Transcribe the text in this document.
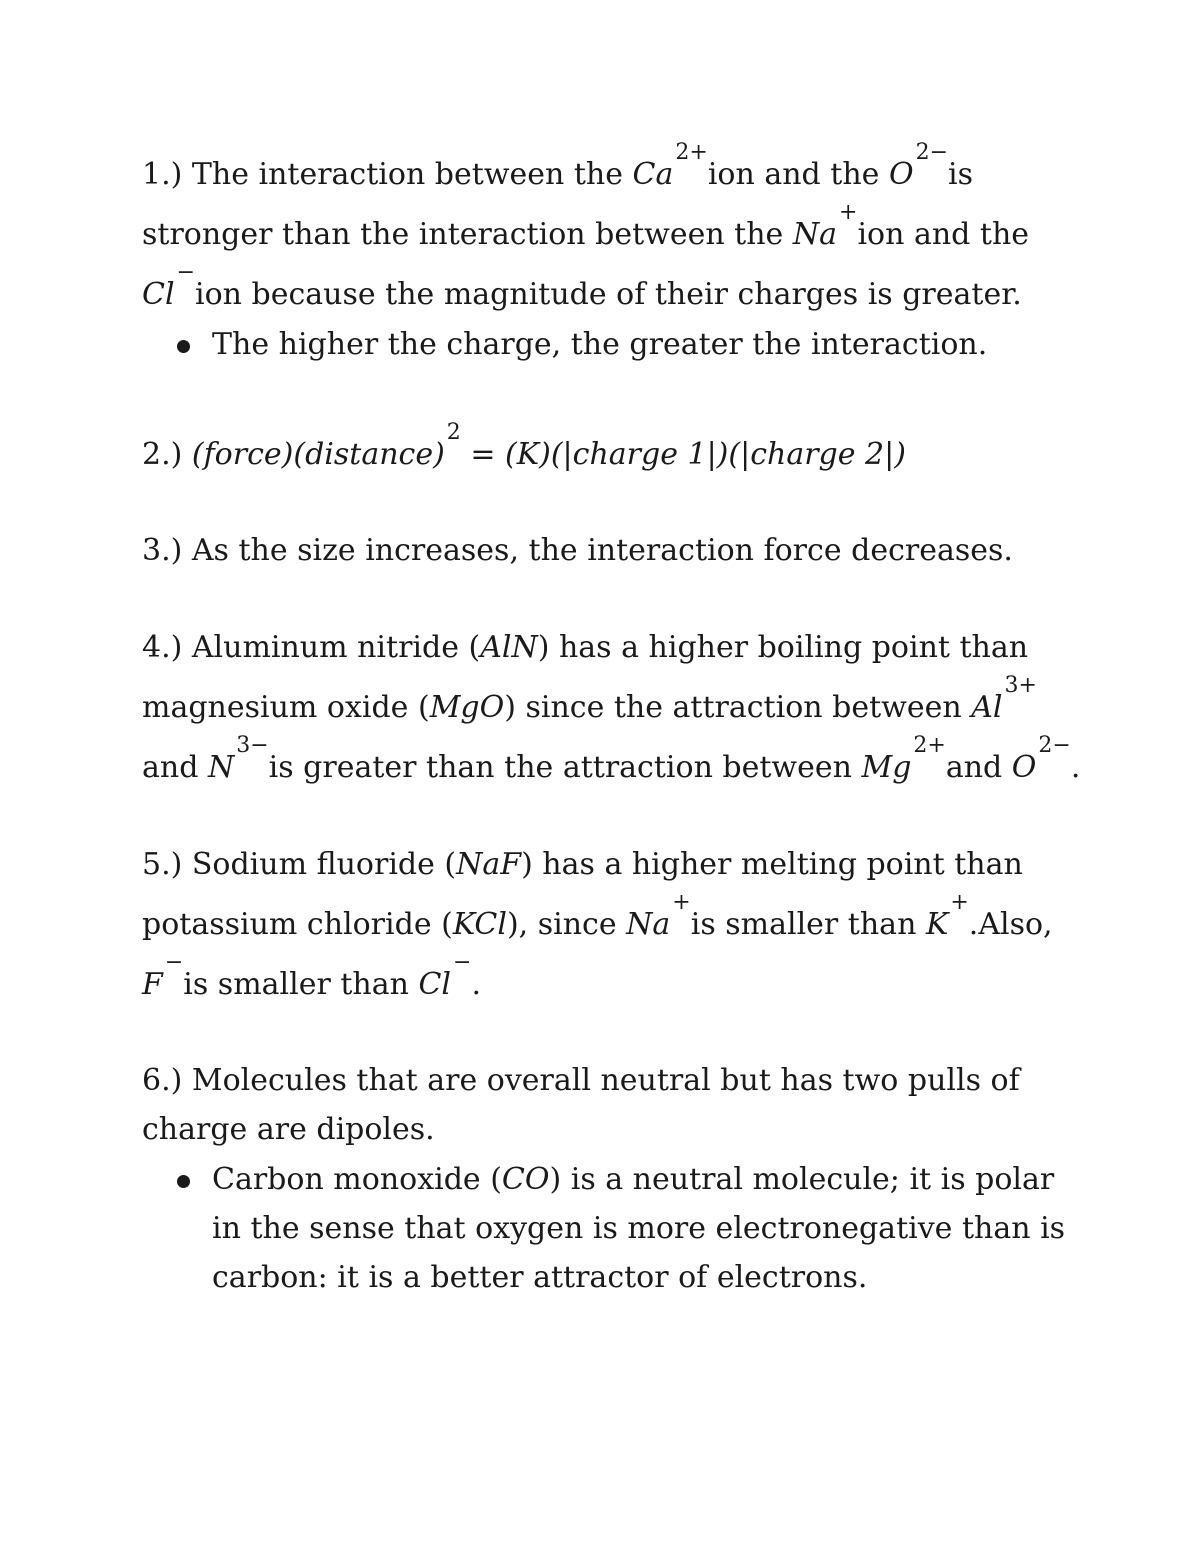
1.) The interaction between the $Ca^{2+}ion$ and the $O^{2-}is$
stronger than the interaction between the Na+ion and the
Cl−ion because the magnitude of their charges is greater.
The higher the charge, the greater the interaction.
2.) (force)(distance)$^2$ = (K)(|charge 1|)(|charge 2|)
3.) As the size increases, the interaction force decreases.
4.) Aluminum nitride (AlN) has a higher boiling point than
magnesium oxide (MgO) since the attraction between $Al^{3+}$
and $N^{3-}is$ greater than the attraction between $Mg^{2+}and$ $O^{2-}$.
5.) Sodium fluoride (NaF) has a higher melting point than
potassium chloride (KCl), since Na+is smaller than K+.Also,
F−is smaller than Cl−.
6.) Molecules that are overall neutral but has two pulls of
charge are dipoles.
Carbon monoxide (CO) is a neutral molecule; it is polar
in the sense that oxygen is more electronegative than is
carbon: it is a better attractor of electrons.
